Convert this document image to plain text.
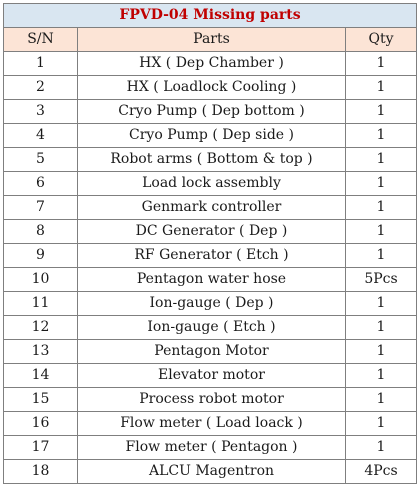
FPVD-04 Missing parts		
S/N	Parts	Qty
1	HX ( Dep Chamber )	1
2	HX ( Loadlock Cooling )	1
3	Cryo Pump ( Dep bottom )	1
4	Cryo Pump ( Dep side )	1
5	Robot arms ( Bottom & top )	1
6	Load lock assembly	1
7	Genmark controller	1
8	DC Generator ( Dep )	1
9	RF Generator ( Etch )	1
10	Pentagon water hose	5Pcs
11	Ion-gauge ( Dep )	1
12	Ion-gauge ( Etch )	1
13	Pentagon Motor	1
14	Elevator motor	1
15	Process robot motor	1
16	Flow meter ( Load loack )	1
17	Flow meter ( Pentagon )	1
18	ALCU Magentron	4Pcs
